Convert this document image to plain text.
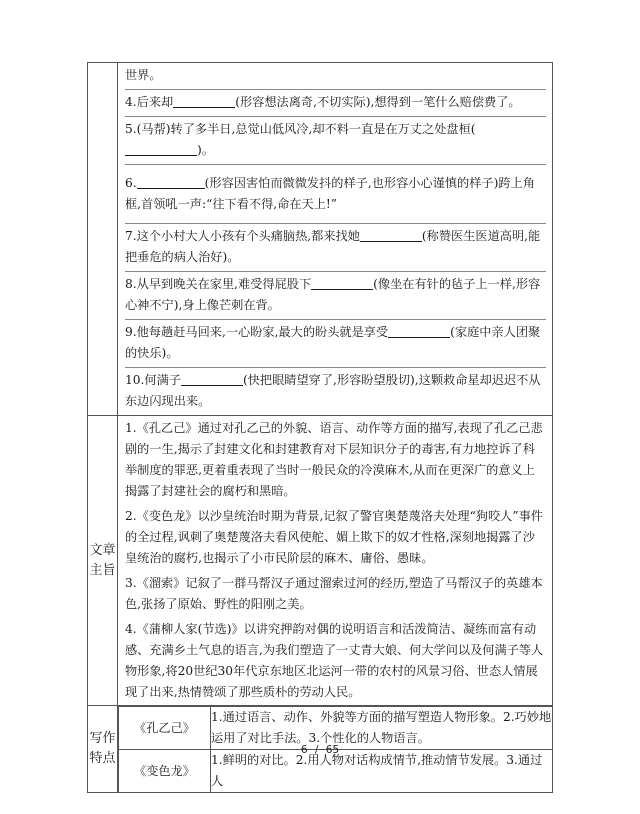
世界。
4.后来却	(形容想法离奇,不切实际),想得到一笔什么赔偿费了。
5.(马帮)转了多半日,总觉山低风冷,却不料一直是在万丈之处盘桓()。
6.	(形容因害怕而微微发抖的样子,也形容小心谨慎的样子)跨上角框,首领吼一声:“往下看不得,命在天上!”
7.这个小村大人小孩有个头痛脑热,都来找她	(称赞医生医道高明,能把垂危的病人治好)。
8.从早到晚关在家里,难受得屁股下	(像坐在有针的毡子上一样,形容心神不宁),身上像芒刺在背。
9.他每趟赶马回来,一心盼家,最大的盼头就是享受	(家庭中亲人团聚的快乐)。
10.何满子	(快把眼睛望穿了,形容盼望殷切),这颗救命星却迟迟不从东边闪现出来。

文章主旨	

1.《孔乙己》通过对孔乙己的外貌、语言、动作等方面的描写,表现了孔乙己悲剧的一生,揭示了封建文化和封建教育对下层知识分子的毒害,有力地控诉了科举制度的罪恶,更着重表现了当时一般民众的冷漠麻木,从而在更深广的意义上揭露了封建社会的腐朽和黑暗。

2.《变色龙》以沙皇统治时期为背景,记叙了警官奥楚蔑洛夫处理“狗咬人”事件的全过程,讽刺了奥楚蔑洛夫看风使舵、媚上欺下的奴才性格,深刻地揭露了沙皇统治的腐朽,也揭示了小市民阶层的麻木、庸俗、愚昧。

3.《溜索》记叙了一群马帮汉子通过溜索过河的经历,塑造了马帮汉子的英雄本色,张扬了原始、野性的阳刚之美。

4.《蒲柳人家(节选)》以讲究押韵对偶的说明语言和活泼简洁、凝练而富有动感、充满乡土气息的语言,为我们塑造了一丈青大娘、何大学问以及何满子等人物形象,将20世纪30年代京东地区北运河一带的农村的风景习俗、世态人情展现了出来,热情赞颂了那些质朴的劳动人民。

写作特点	
《孔乙己》	1.通过语言、动作、外貌等方面的描写塑造人物形象。2.巧妙地运用了对比手法。3.个性化的人物语言。
《变色龙》	1.鲜明的对比。2.用人物对话构成情节,推动情节发展。3.通过人
6 / 65
